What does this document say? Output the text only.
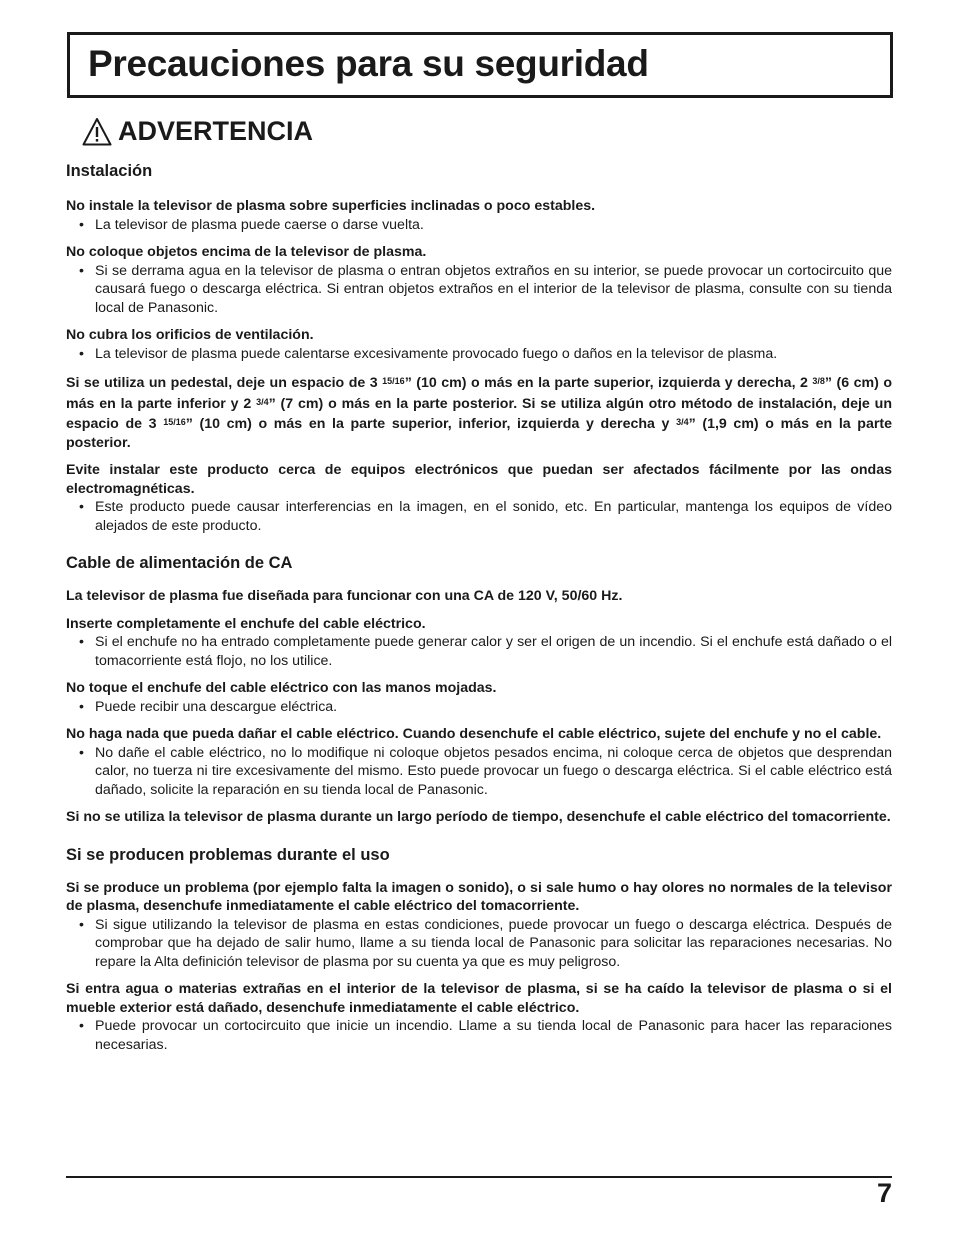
Precauciones para su seguridad
ADVERTENCIA

Instalación

No instale la televisor de plasma sobre superficies inclinadas o poco estables.

• La televisor de plasma puede caerse o darse vuelta.

No coloque objetos encima de la televisor de plasma.

• Si se derrama agua en la televisor de plasma o entran objetos extraños en su interior, se puede provocar un cortocircuito que causará fuego o descarga eléctrica. Si entran objetos extraños en el interior de la televisor de plasma, consulte con su tienda local de Panasonic.

No cubra los orificios de ventilación.

• La televisor de plasma puede calentarse excesivamente provocado fuego o daños en la televisor de plasma.

Si se utiliza un pedestal, deje un espacio de 3 $^{15/16}$” (10 cm) o más en la parte superior, izquierda y derecha, 2 $^{3/8}$” (6 cm) o más en la parte inferior y 2 $^{3/4}$” (7 cm) o más en la parte posterior. Si se utiliza algún otro método de instalación, deje un espacio de 3 $^{15/16}$” (10 cm) o más en la parte superior, inferior, izquierda y derecha y $^{3/4}$” (1,9 cm) o más en la parte posterior.

Evite instalar este producto cerca de equipos electrónicos que puedan ser afectados fácilmente por las ondas electromagnéticas.

• Este producto puede causar interferencias en la imagen, en el sonido, etc. En particular, mantenga los equipos de vídeo alejados de este producto.

Cable de alimentación de CA

La televisor de plasma fue diseñada para funcionar con una CA de 120 V, 50/60 Hz.

Inserte completamente el enchufe del cable eléctrico.

• Si el enchufe no ha entrado completamente puede generar calor y ser el origen de un incendio. Si el enchufe está dañado o el tomacorriente está flojo, no los utilice.

No toque el enchufe del cable eléctrico con las manos mojadas.

• Puede recibir una descargue eléctrica.

No haga nada que pueda dañar el cable eléctrico. Cuando desenchufe el cable eléctrico, sujete del enchufe y no el cable.

• No dañe el cable eléctrico, no lo modifique ni coloque objetos pesados encima, ni coloque cerca de objetos que desprendan calor, no tuerza ni tire excesivamente del mismo. Esto puede provocar un fuego o descarga eléctrica. Si el cable eléctrico está dañado, solicite la reparación en su tienda local de Panasonic.

Si no se utiliza la televisor de plasma durante un largo período de tiempo, desenchufe el cable eléctrico del tomacorriente.

Si se producen problemas durante el uso

Si se produce un problema (por ejemplo falta la imagen o sonido), o si sale humo o hay olores no normales de la televisor de plasma, desenchufe inmediatamente el cable eléctrico del tomacorriente.

• Si sigue utilizando la televisor de plasma en estas condiciones, puede provocar un fuego o descarga eléctrica. Después de comprobar que ha dejado de salir humo, llame a su tienda local de Panasonic para solicitar las reparaciones necesarias. No repare la Alta definición televisor de plasma por su cuenta ya que es muy peligroso.

Si entra agua o materias extrañas en el interior de la televisor de plasma, si se ha caído la televisor de plasma o si el mueble exterior está dañado, desenchufe inmediatamente el cable eléctrico.

• Puede provocar un cortocircuito que inicie un incendio. Llame a su tienda local de Panasonic para hacer las reparaciones necesarias.
7
